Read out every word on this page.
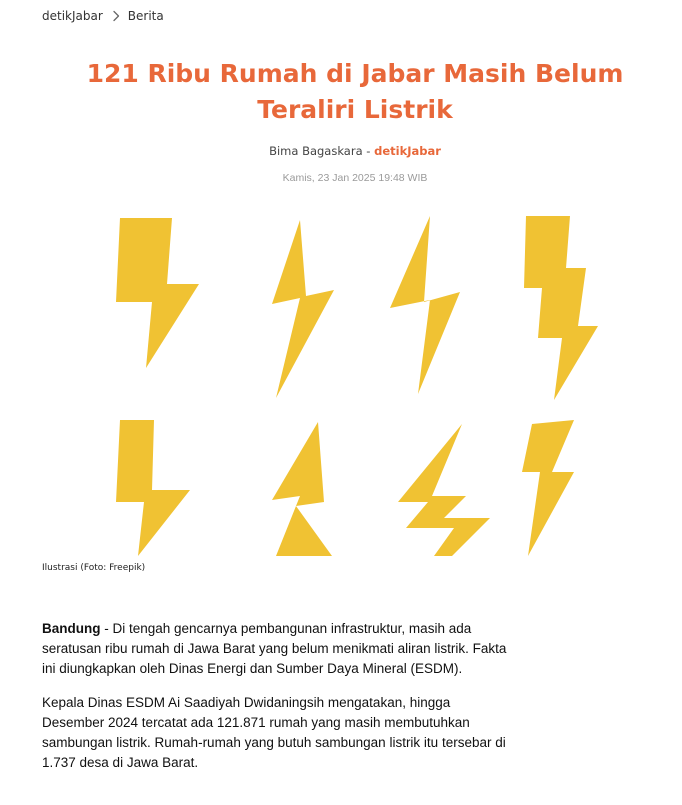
detikJabar Berita
121 Ribu Rumah di Jabar Masih Belum Teraliri Listrik
Bima Bagaskara - detikJabar
Kamis, 23 Jan 2025 19:48 WIB
Ilustrasi (Foto: Freepik)

Bandung - Di tengah gencarnya pembangunan infrastruktur, masih ada seratusan ribu rumah di Jawa Barat yang belum menikmati aliran listrik. Fakta ini diungkapkan oleh Dinas Energi dan Sumber Daya Mineral (ESDM).

Kepala Dinas ESDM Ai Saadiyah Dwidaningsih mengatakan, hingga Desember 2024 tercatat ada 121.871 rumah yang masih membutuhkan sambungan listrik. Rumah-rumah yang butuh sambungan listrik itu tersebar di 1.737 desa di Jawa Barat.
